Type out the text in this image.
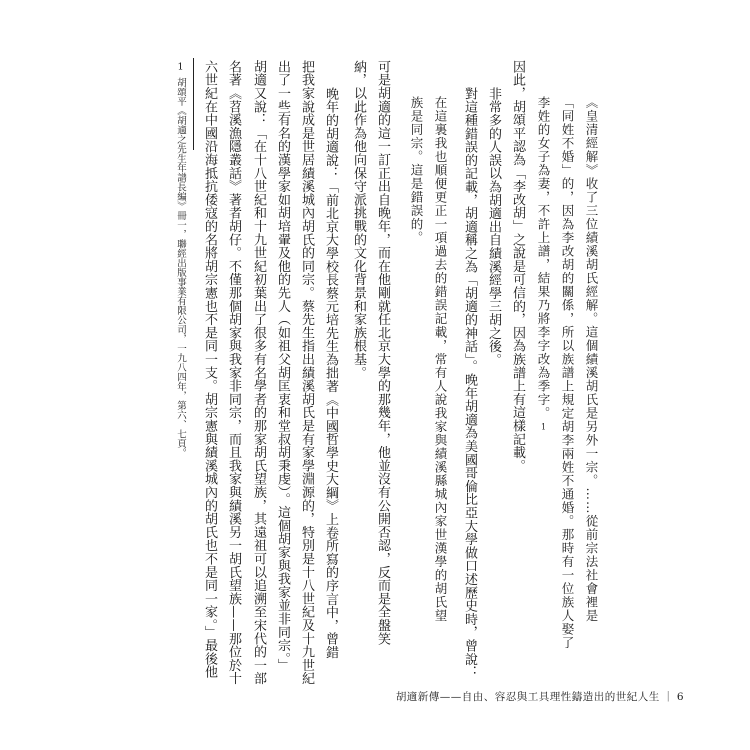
《皇清經解》收了三位績溪胡氏經解。這個績溪胡氏是另外一宗。……從前宗法社會裡是
「同姓不婚」的，因為李改胡的關係，所以族譜上規定胡李兩姓不通婚。那時有一位族人娶了
李姓的女子為妻，不許上譜，結果乃將李字改為季字。1
因此，胡頌平認為「李改胡」之說是可信的，因為族譜上有這樣記載。
非常多的人誤以為胡適出自績溪經學三胡之後。
對這種錯誤的記載，胡適稱之為「胡適的神話」。晚年胡適為美國哥倫比亞大學做口述歷史時，曾說：
在這裏我也順便更正一項過去的錯誤記載，常有人說我家與績溪縣城內家世漢學的胡氏望
族是同宗。這是錯誤的。
可是胡適的這一訂正出自晚年，而在他剛就任北京大學的那幾年，他並沒有公開否認，反而是全盤笑
納，以此作為他向保守派挑戰的文化背景和家族根基。
晚年的胡適說：「前北京大學校長蔡元培先生為拙著《中國哲學史大綱》上卷所寫的序言中，曾錯
把我家說成是世居績溪城內胡氏的同宗。蔡先生指出績溪胡氏是有家學淵源的，特別是十八世紀及十九世紀
出了一些有名的漢學家如胡培翬及他的先人（如祖父胡匡衷和堂叔胡秉虔）。這個胡家與我家並非同宗。」
胡適又說：「在十八世紀和十九世紀初葉出了很多有名學者的那家胡氏望族，其遠祖可以追溯至宋代的一部
名著《苕溪漁隱叢話》著者胡仔。不僅那個胡家與我家非同宗，而且我家與績溪另一胡氏望族——那位於十
六世紀在中國沿海抵抗倭寇的名將胡宗憲也不是同一支。胡宗憲與績溪城內的胡氏也不是同一家。」最後他
1胡頌平《胡適之先生年譜長編》冊一，聯經出版事業有限公司，一九八四年，第六、七頁。
胡適新傳——自由、容忍與工具理性鑄造出的世紀人生 ｜ 6
